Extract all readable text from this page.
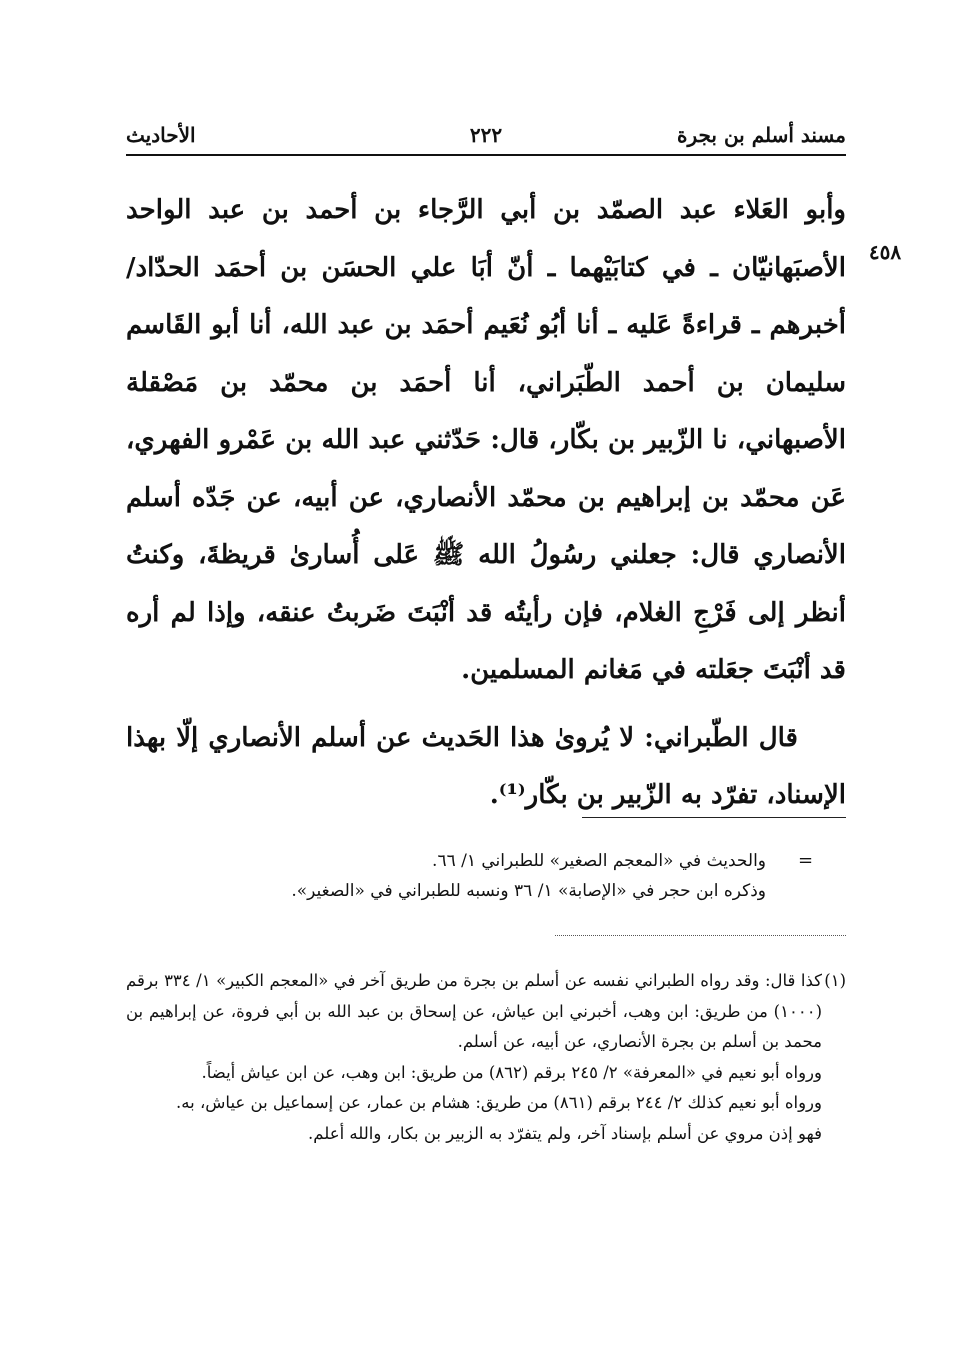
مسند أسلم بن بجرة
٢٢٢
الأحاديث
٤٥٨

وأبو العَلاء عبد الصمّد بن أبي الرَّجاء بن أحمد بن عبد الواحد الأصبَهانيّان ـ في كتابَيْهما ـ أنّ أبَا علي الحسَن بن أحمَد الحدّاد/ أخبرهم ـ قراءةً عَليه ـ أنا أبُو نُعَيم أحمَد بن عبد الله، أنا أبو القَاسم سليمان بن أحمد الطّبَراني، أنا أحمَد بن محمّد بن مَصْقلة الأصبهاني، نا الزّبير بن بكّار، قال: حَدّثني عبد الله بن عَمْرو الفهري، عَن محمّد بن إبراهيم بن محمّد الأنصاري، عن أبيه، عن جَدّه أسلم الأنصاري قال: جعلني رسُولُ الله ﷺ عَلى أُسارىٰ قريظةَ، وكنتُ أنظر إلى فَرْجِ الغلام، فإن رأيتُه قد أنْبَتَ ضَربتُ عنقه، وإذا لم أره قد أنْبَتَ جعَلته في مَغانم المسلمين.

قال الطّبراني: لا يُروىٰ هذا الحَديث عن أسلم الأنصاري إلّا بهذا الإسناد، تفرّد به الزّبير بن بكّار⁽¹⁾.

=

والحديث في «المعجم الصغير» للطبراني ١/ ٦٦.

وذكره ابن حجر في «الإصابة» ١/ ٣٦ ونسبه للطبراني في «الصغير».

(١)

كذا قال: وقد رواه الطبراني نفسه عن أسلم بن بجرة من طريق آخر في «المعجم الكبير» ١/ ٣٣٤ برقم (١٠٠٠) من طريق: ابن وهب، أخبرني ابن عياش، عن إسحاق بن عبد الله بن أبي فروة، عن إبراهيم بن محمد بن أسلم بن بجرة الأنصاري، عن أبيه، عن أسلم.

ورواه أبو نعيم في «المعرفة» ٢/ ٢٤٥ برقم (٨٦٢) من طريق: ابن وهب، عن ابن عياش أيضاً.

ورواه أبو نعيم كذلك ٢/ ٢٤٤ برقم (٨٦١) من طريق: هشام بن عمار، عن إسماعيل بن عياش، به.

فهو إذن مروي عن أسلم بإسناد آخر، ولم يتفرّد به الزبير بن بكار، والله أعلم.
